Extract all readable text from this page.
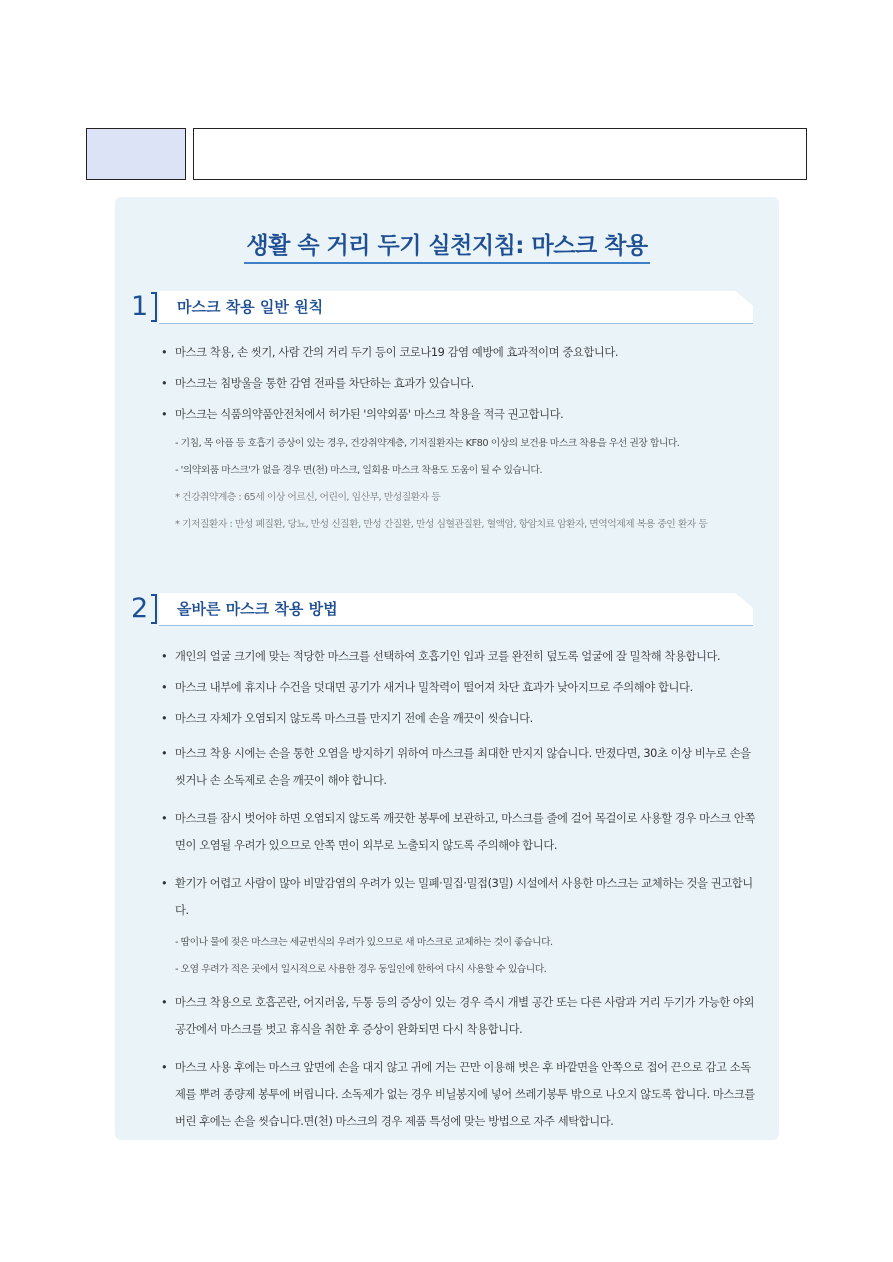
생활 속 거리 두기 실천지침: 마스크 착용
1 마스크 착용 일반 원칙
• 마스크 착용, 손 씻기, 사람 간의 거리 두기 등이 코로나19 감염 예방에 효과적이며 중요합니다.
• 마스크는 침방울을 통한 감염 전파를 차단하는 효과가 있습니다.
• 마스크는 식품의약품안전처에서 허가된 '의약외품' 마스크 착용을 적극 권고합니다.
- 기침, 목 아픔 등 호흡기 증상이 있는 경우, 건강취약계층, 기저질환자는 KF80 이상의 보건용 마스크 착용을 우선 권장 합니다.
- '의약외품 마스크'가 없을 경우 면(천) 마스크, 일회용 마스크 착용도 도움이 될 수 있습니다.
* 건강취약계층 : 65세 이상 어르신, 어린이, 임산부, 만성질환자 등
* 기저질환자 : 만성 폐질환, 당뇨, 만성 신질환, 만성 간질환, 만성 심혈관질환, 혈액암, 항암치료 암환자, 면역억제제 복용 중인 환자 등
2 올바른 마스크 착용 방법
• 개인의 얼굴 크기에 맞는 적당한 마스크를 선택하여 호흡기인 입과 코를 완전히 덮도록 얼굴에 잘 밀착해 착용합니다.
• 마스크 내부에 휴지나 수건을 덧대면 공기가 새거나 밀착력이 떨어져 차단 효과가 낮아지므로 주의해야 합니다.
• 마스크 자체가 오염되지 않도록 마스크를 만지기 전에 손을 깨끗이 씻습니다.
• 마스크 착용 시에는 손을 통한 오염을 방지하기 위하여 마스크를 최대한 만지지 않습니다. 만졌다면, 30초 이상 비누로 손을 씻거나 손 소독제로 손을 깨끗이 해야 합니다.
• 마스크를 잠시 벗어야 하면 오염되지 않도록 깨끗한 봉투에 보관하고, 마스크를 줄에 걸어 목걸이로 사용할 경우 마스크 안쪽 면이 오염될 우려가 있으므로 안쪽 면이 외부로 노출되지 않도록 주의해야 합니다.
• 환기가 어렵고 사람이 많아 비말감염의 우려가 있는 밀폐·밀집·밀접(3밀) 시설에서 사용한 마스크는 교체하는 것을 권고합니다.
- 땀이나 물에 젖은 마스크는 세균번식의 우려가 있으므로 새 마스크로 교체하는 것이 좋습니다.
- 오염 우려가 적은 곳에서 일시적으로 사용한 경우 동일인에 한하여 다시 사용할 수 있습니다.
• 마스크 착용으로 호흡곤란, 어지러움, 두통 등의 증상이 있는 경우 즉시 개별 공간 또는 다른 사람과 거리 두기가 가능한 야외 공간에서 마스크를 벗고 휴식을 취한 후 증상이 완화되면 다시 착용합니다.
• 마스크 사용 후에는 마스크 앞면에 손을 대지 않고 귀에 거는 끈만 이용해 벗은 후 바깥면을 안쪽으로 접어 끈으로 감고 소독제를 뿌려 종량제 봉투에 버립니다. 소독제가 없는 경우 비닐봉지에 넣어 쓰레기봉투 밖으로 나오지 않도록 합니다. 마스크를 버린 후에는 손을 씻습니다.면(천) 마스크의 경우 제품 특성에 맞는 방법으로 자주 세탁합니다.
